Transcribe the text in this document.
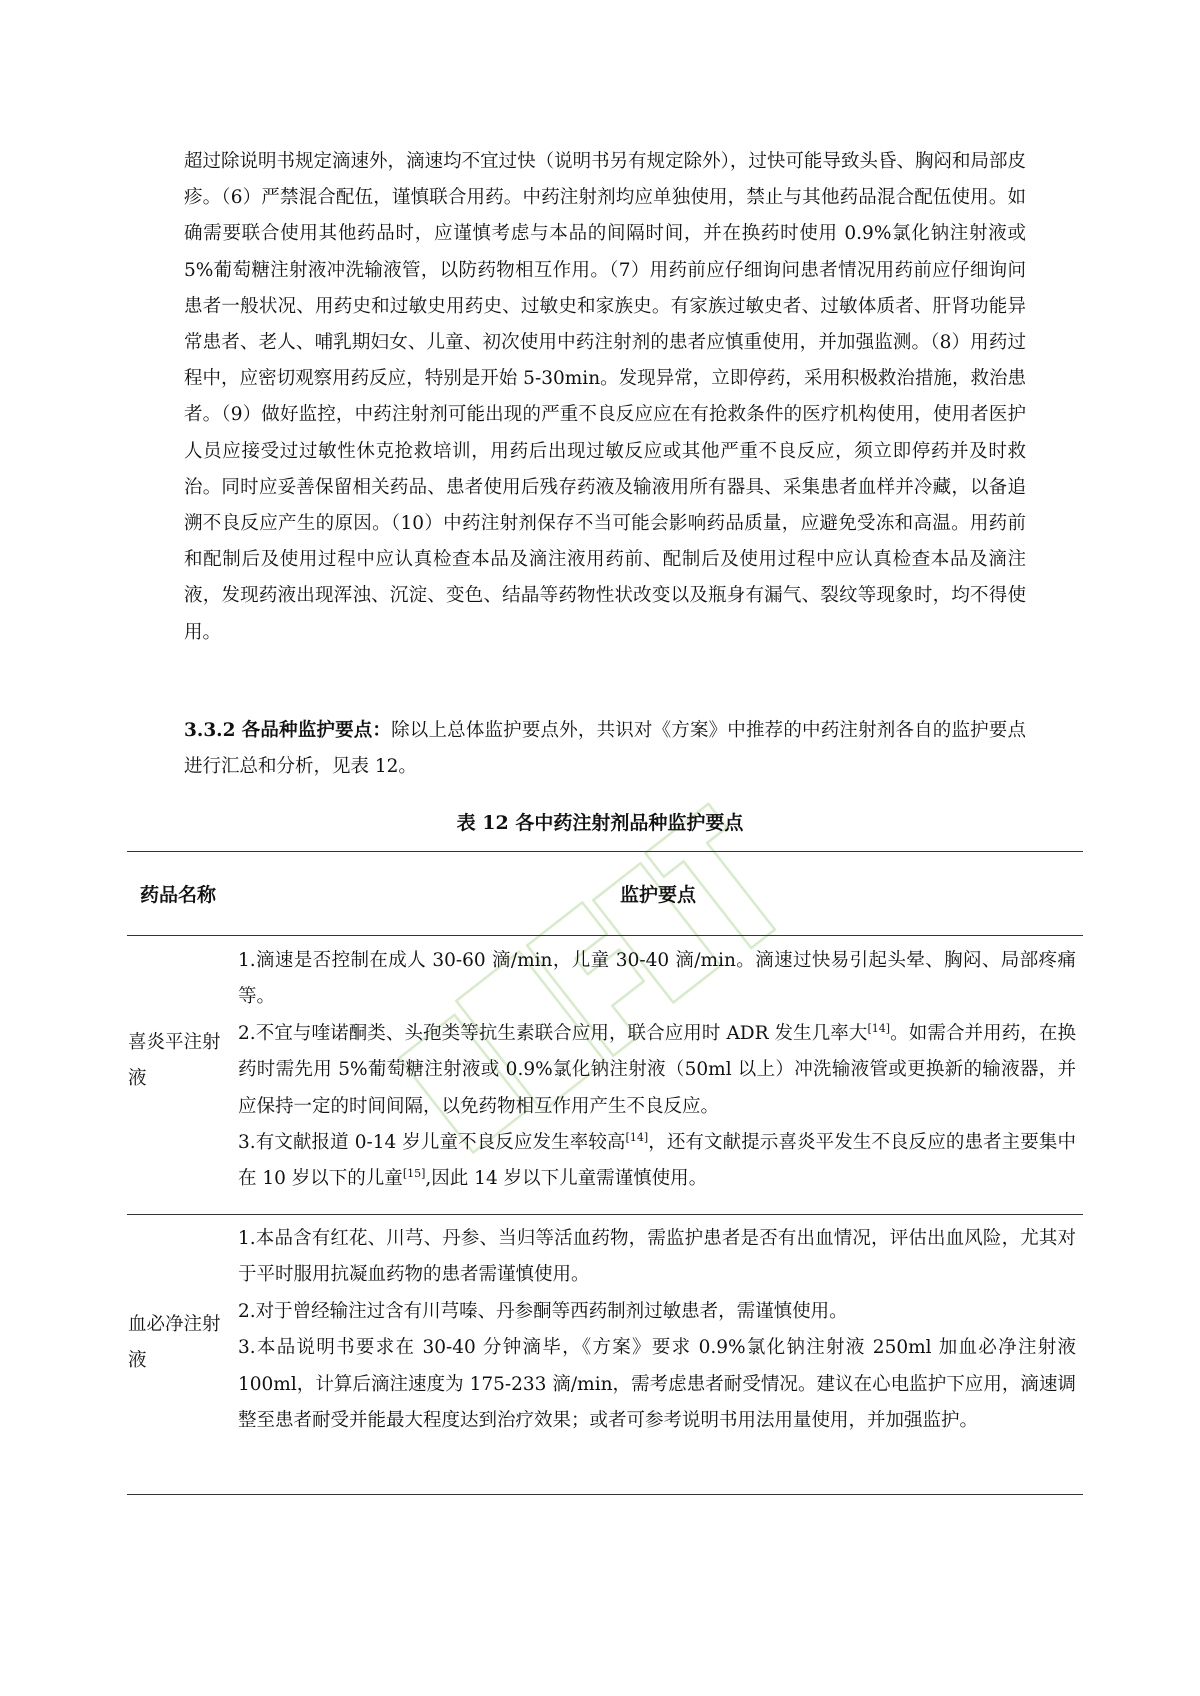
超过除说明书规定滴速外，滴速均不宜过快（说明书另有规定除外），过快可能导致头昏、胸闷和局部皮疹。（6）严禁混合配伍，谨慎联合用药。中药注射剂均应单独使用，禁止与其他药品混合配伍使用。如确需要联合使用其他药品时，应谨慎考虑与本品的间隔时间，并在换药时使用 0.9%氯化钠注射液或 5%葡萄糖注射液冲洗输液管，以防药物相互作用。（7）用药前应仔细询问患者情况用药前应仔细询问患者一般状况、用药史和过敏史用药史、过敏史和家族史。有家族过敏史者、过敏体质者、肝肾功能异常患者、老人、哺乳期妇女、儿童、初次使用中药注射剂的患者应慎重使用，并加强监测。（8）用药过程中，应密切观察用药反应，特别是开始 5-30min。发现异常，立即停药，采用积极救治措施，救治患者。（9）做好监控，中药注射剂可能出现的严重不良反应应在有抢救条件的医疗机构使用，使用者医护人员应接受过过敏性休克抢救培训，用药后出现过敏反应或其他严重不良反应，须立即停药并及时救治。同时应妥善保留相关药品、患者使用后残存药液及输液用所有器具、采集患者血样并冷藏，以备追溯不良反应产生的原因。（10）中药注射剂保存不当可能会影响药品质量，应避免受冻和高温。用药前和配制后及使用过程中应认真检查本品及滴注液用药前、配制后及使用过程中应认真检查本品及滴注液，发现药液出现浑浊、沉淀、变色、结晶等药物性状改变以及瓶身有漏气、裂纹等现象时，均不得使用。

3.3.2 各品种监护要点：除以上总体监护要点外，共识对《方案》中推荐的中药注射剂各自的监护要点进行汇总和分析，见表 12。

表 12 各中药注射剂品种监护要点
药品名称	监护要点
喜炎平注射液

1.滴速是否控制在成人 30-60 滴/min，儿童 30-40 滴/min。滴速过快易引起头晕、胸闷、局部疼痛等。

2.不宜与喹诺酮类、头孢类等抗生素联合应用，联合应用时 ADR 发生几率大[14]。如需合并用药，在换药时需先用 5%葡萄糖注射液或 0.9%氯化钠注射液（50ml 以上）冲洗输液管或更换新的输液器，并应保持一定的时间间隔，以免药物相互作用产生不良反应。

3.有文献报道 0-14 岁儿童不良反应发生率较高[14]，还有文献提示喜炎平发生不良反应的患者主要集中在 10 岁以下的儿童[15],因此 14 岁以下儿童需谨慎使用。

血必净注射液

1.本品含有红花、川芎、丹参、当归等活血药物，需监护患者是否有出血情况，评估出血风险，尤其对于平时服用抗凝血药物的患者需谨慎使用。

2.对于曾经输注过含有川芎嗪、丹参酮等西药制剂过敏患者，需谨慎使用。

3.本品说明书要求在 30-40 分钟滴毕，《方案》要求 0.9%氯化钠注射液 250ml 加血必净注射液 100ml，计算后滴注速度为 175-233 滴/min，需考虑患者耐受情况。建议在心电监护下应用，滴速调整至患者耐受并能最大程度达到治疗效果；或者可参考说明书用法用量使用，并加强监护。
